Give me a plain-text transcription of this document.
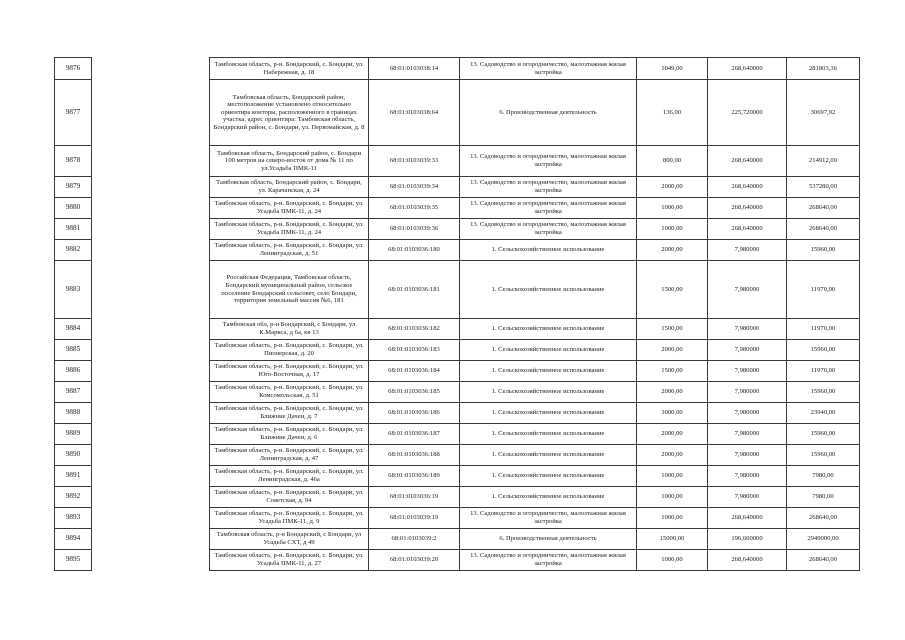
9876		Тамбовская область, р-н. Бондарский, с. Бондари, ул. Набережная, д. 18	68:01:0103038:14	13. Садоводство и огородничество, малоэтажная жилая застройка	1049,00	268,640000	281803,36
9877		Тамбовская область, Бондарский район, местоположение установлено относительно ориентира конторы, расположенного в границах участка, адрес ориентира: Тамбовская область, Бондарский район, с. Бондари, ул. Первомайская, д. 8	68:01:0103038:64	6. Производственная деятельность	136,00	225,720000	30697,92
9878		Тамбовская область, Бондарский район, с. Бондари 100 метров на северо-восток от дома № 11 по ул.Усадьба ПМК-11	68:01:0103039:33	13. Садоводство и огородничество, малоэтажная жилая застройка	800,00	268,640000	214912,00
9879		Тамбовская область, Бондарский район, с. Бондари, ул. Карачанская, д. 24	68:01:0103039:34	13. Садоводство и огородничество, малоэтажная жилая застройка	2000,00	268,640000	537280,00
9880		Тамбовская область, р-н. Бондарский, с. Бондари, ул. Усадьба ПМК-11, д. 24	68:01:0103039:35	13. Садоводство и огородничество, малоэтажная жилая застройка	1000,00	268,640000	268640,00
9881		Тамбовская область, р-н. Бондарский, с. Бондари, ул. Усадьба ПМК-11, д. 24	68:01:0103039:36	13. Садоводство и огородничество, малоэтажная жилая застройка	1000,00	268,640000	268640,00
9882		Тамбовская область, р-н. Бондарский, с. Бондари, ул. Ленинградская, д. 51	68:01:0103036:180	1. Сельскохозяйственное использование	2000,00	7,980000	15960,00
9883		Российская Федерация, Тамбовская область, Бондарский муниципальный район, сельское поселение Бондарский сельсовет, село Бондари, территория земельный массив №6, 181	68:01:0103036:181	1. Сельскохозяйственное использование	1500,00	7,980000	11970,00
9884		Тамбовская обл, р-н Бондарский, с Бондари, ул К.Маркса, д 6а, кв 13	68:01:0103036:182	1. Сельскохозяйственное использование	1500,00	7,980000	11970,00
9885		Тамбовская область, р-н. Бондарский, с. Бондари, ул. Пионерская, д. 20	68:01:0103036:183	1. Сельскохозяйственное использование	2000,00	7,980000	15960,00
9886		Тамбовская область, р-н. Бондарский, с. Бондари, ул. Юго-Восточная, д. 17	68:01:0103036:184	1. Сельскохозяйственное использование	1500,00	7,980000	11970,00
9887		Тамбовская область, р-н. Бондарский, с. Бондари, ул. Комсомольская, д. 51	68:01:0103036:185	1. Сельскохозяйственное использование	2000,00	7,980000	15960,00
9888		Тамбовская область, р-н. Бондарский, с. Бондари, ул. Ближние Дачеи, д. 7	68:01:0103036:186	1. Сельскохозяйственное использование	3000,00	7,980000	23940,00
9889		Тамбовская область, р-н. Бондарский, с. Бондари, ул. Ближние Дачеи, д. 6	68:01:0103036:187	1. Сельскохозяйственное использование	2000,00	7,980000	15960,00
9890		Тамбовская область, р-н. Бондарский, с. Бондари, ул. Ленинградская, д. 47	68:01:0103036:188	1. Сельскохозяйственное использование	2000,00	7,980000	15960,00
9891		Тамбовская область, р-н. Бондарский, с. Бондари, ул. Ленинградская, д. 46а	68:01:0103036:189	1. Сельскохозяйственное использование	1000,00	7,980000	7980,00
9892		Тамбовская область, р-н. Бондарский, с. Бондари, ул. Советская, д. 94	68:01:0103036:19	1. Сельскохозяйственное использование	1000,00	7,980000	7980,00
9893		Тамбовская область, р-н. Бондарский, с. Бондари, ул. Усадьба ПМК-11, д. 9	68:01:0103039:19	13. Садоводство и огородничество, малоэтажная жилая застройка	1000,00	268,640000	268640,00
9894		Тамбовская область, р-н Бондарский, с Бондари, ул Усадьба СХТ, д 49	68:01:0103039:2	6. Производственная деятельность	15000,00	196,600000	2949000,00
9895		Тамбовская область, р-н. Бондарский, с. Бондари, ул. Усадьба ПМК-11, д. 27	68:01:0103039:20	13. Садоводство и огородничество, малоэтажная жилая застройка	1000,00	268,640000	268640,00
